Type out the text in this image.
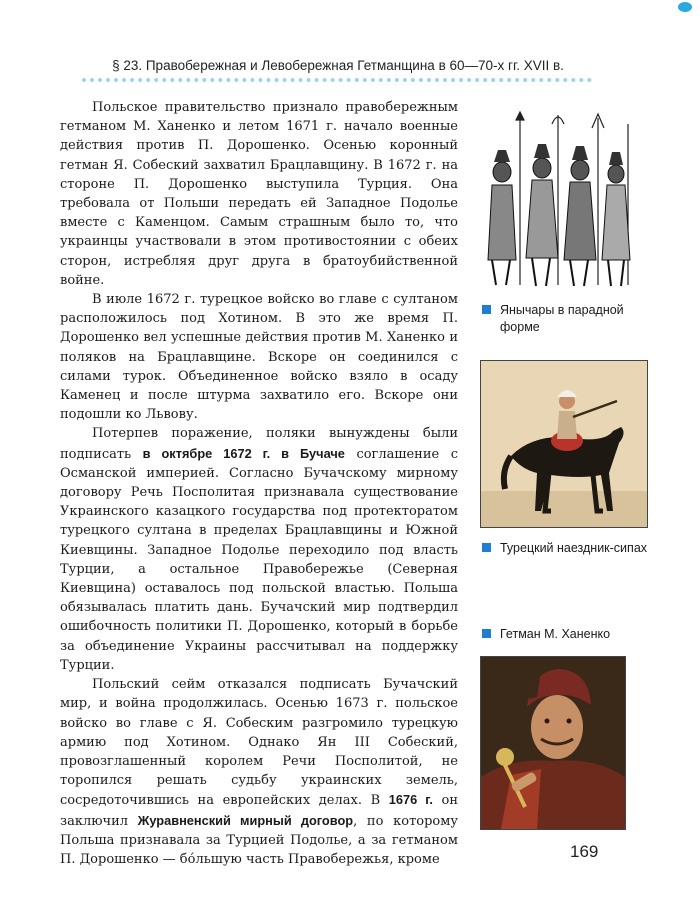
§ 23. Правобережная и Левобережная Гетманщина в 60—70-х гг. XVII в.

Польское правительство признало правобережным гетманом М. Ханенко и летом 1671 г. начало военные действия против П. Дорошенко. Осенью коронный гетман Я. Собеский захватил Брацлавщину. В 1672 г. на стороне П. Дорошенко выступила Турция. Она требовала от Польши передать ей Западное Подолье вместе с Каменцом. Самым страшным было то, что украинцы участвовали в этом противостоянии с обеих сторон, истребляя друг друга в братоубийственной войне.

В июле 1672 г. турецкое войско во главе с султаном расположилось под Хотином. В это же время П. Дорошенко вел успешные действия против М. Ханенко и поляков на Брацлавщине. Вскоре он соединился с силами турок. Объединенное войско взяло в осаду Каменец и после штурма захватило его. Вскоре они подошли ко Львову.

Потерпев поражение, поляки вынуждены были подписать в октябре 1672 г. в Бучаче соглашение с Османской империей. Согласно Бучачскому мирному договору Речь Посполитая признавала существование Украинского казацкого государства под протекторатом турецкого султана в пределах Брацлавщины и Южной Киевщины. Западное Подолье переходило под власть Турции, а остальное Правобережье (Северная Киевщина) оставалось под польской властью. Польша обязывалась платить дань. Бучачский мир подтвердил ошибочность политики П. Дорошенко, который в борьбе за объединение Украины рассчитывал на поддержку Турции.

Польский сейм отказался подписать Бучачский мир, и война продолжилась. Осенью 1673 г. польское войско во главе с Я. Собеским разгромило турецкую армию под Хотином. Однако Ян III Собеский, провозглашенный королем Речи Посполитой, не торопился решать судьбу украинских земель, сосредоточившись на европейских делах. В 1676 г. он заключил Журавненский мирный договор, по которому Польша признавала за Турцией Подолье, а за гетманом П. Дорошенко — бо́льшую часть Правобережья, кроме

Янычары в парадной форме
Турецкий наездник-сипах
Гетман М. Ханенко
169
